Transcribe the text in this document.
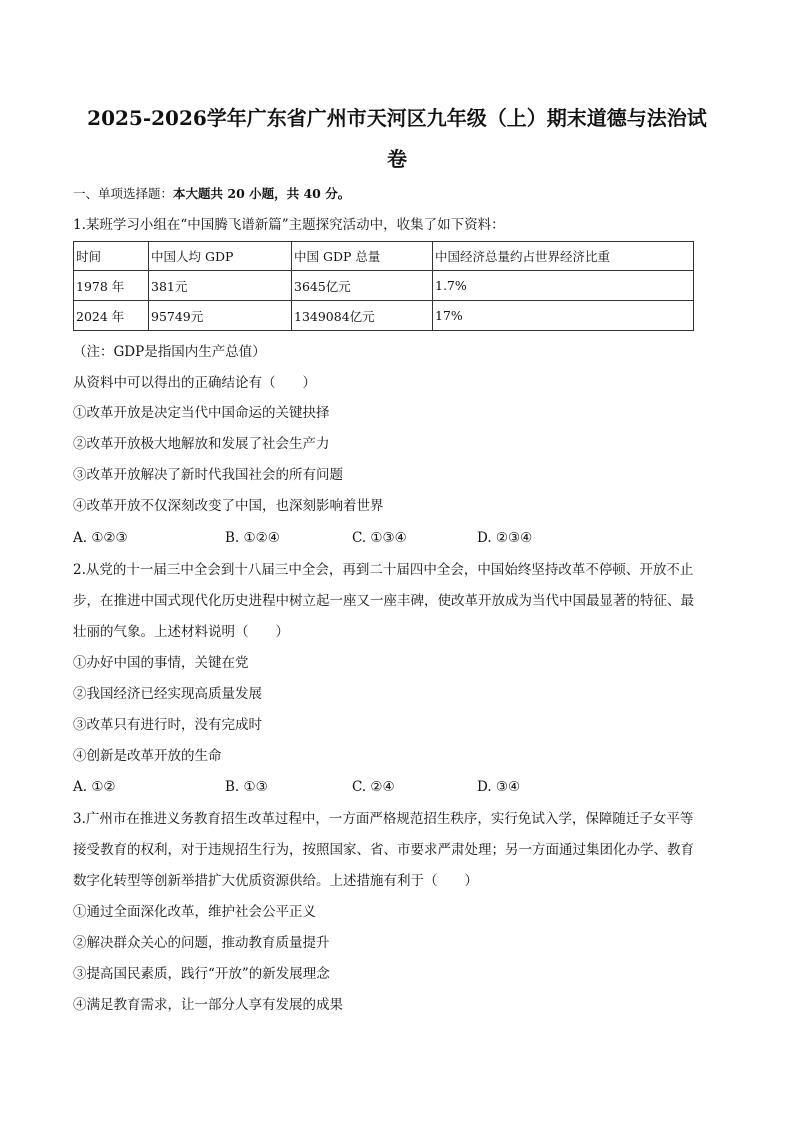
2025-2026学年广东省广州市天河区九年级（上）期末道德与法治试
卷
一、单项选择题：本大题共 20 小题，共 40 分。
1.某班学习小组在“中国腾飞谱新篇”主题探究活动中，收集了如下资料：
时间	中国人均 GDP	中国 GDP 总量	中国经济总量约占世界经济比重
1978 年	381元	3645亿元	1.7%
2024 年	95749元	1349084亿元	17%
（注：GDP是指国内生产总值）
从资料中可以得出的正确结论有（　　）
①改革开放是决定当代中国命运的关键抉择
②改革开放极大地解放和发展了社会生产力
③改革开放解决了新时代我国社会的所有问题
④改革开放不仅深刻改变了中国，也深刻影响着世界
A. ①②③	B. ①②④	C. ①③④	D. ②③④
2.从党的十一届三中全会到十八届三中全会，再到二十届四中全会，中国始终坚持改革不停顿、开放不止
步，在推进中国式现代化历史进程中树立起一座又一座丰碑，使改革开放成为当代中国最显著的特征、最
壮丽的气象。上述材料说明（　　）
①办好中国的事情，关键在党
②我国经济已经实现高质量发展
③改革只有进行时，没有完成时
④创新是改革开放的生命
A. ①②	B. ①③	C. ②④	D. ③④
3.广州市在推进义务教育招生改革过程中，一方面严格规范招生秩序，实行免试入学，保障随迁子女平等
接受教育的权利，对于违规招生行为，按照国家、省、市要求严肃处理；另一方面通过集团化办学、教育
数字化转型等创新举措扩大优质资源供给。上述措施有利于（　　）
①通过全面深化改革，维护社会公平正义
②解决群众关心的问题，推动教育质量提升
③提高国民素质，践行“开放”的新发展理念
④满足教育需求，让一部分人享有发展的成果
